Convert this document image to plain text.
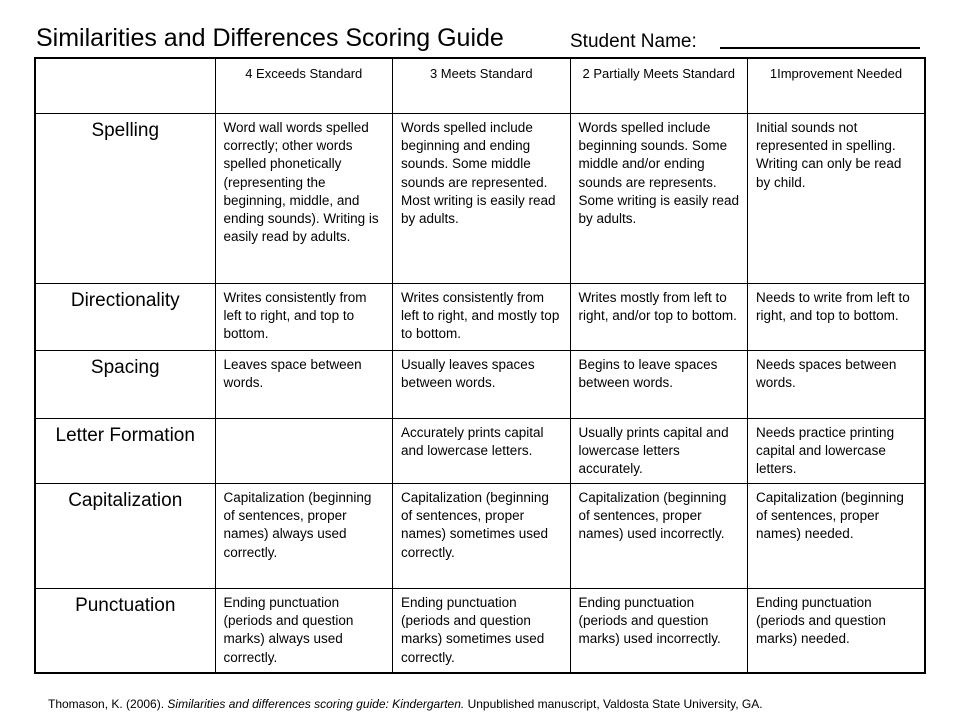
Similarities and Differences Scoring Guide	Student Name:
	4 Exceeds Standard	3 Meets Standard	2 Partially Meets Standard	1Improvement Needed
Spelling	Word wall words spelled correctly; other words spelled phonetically (representing the beginning, middle, and ending sounds). Writing is easily read by adults.	Words spelled include beginning and ending sounds. Some middle sounds are represented. Most writing is easily read by adults.	Words spelled include beginning sounds. Some middle and/or ending sounds are represents. Some writing is easily read by adults.	Initial sounds not represented in spelling. Writing can only be read by child.
Directionality	Writes consistently from left to right, and top to bottom.	Writes consistently from left to right, and mostly top to bottom.	Writes mostly from left to right, and/or top to bottom.	Needs to write from left to right, and top to bottom.
Spacing	Leaves space between words.	Usually leaves spaces between words.	Begins to leave spaces between words.	Needs spaces between words.
Letter Formation		Accurately prints capital and lowercase letters.	Usually prints capital and lowercase letters accurately.	Needs practice printing capital and lowercase letters.
Capitalization	Capitalization (beginning of sentences, proper names) always used correctly.	Capitalization (beginning of sentences, proper names) sometimes used correctly.	Capitalization (beginning of sentences, proper names) used incorrectly.	Capitalization (beginning of sentences, proper names) needed.
Punctuation	Ending punctuation (periods and question marks) always used correctly.	Ending punctuation (periods and question marks) sometimes used correctly.	Ending punctuation (periods and question marks) used incorrectly.	Ending punctuation (periods and question marks) needed.
Thomason, K. (2006). Similarities and differences scoring guide: Kindergarten. Unpublished manuscript, Valdosta State University, GA.
